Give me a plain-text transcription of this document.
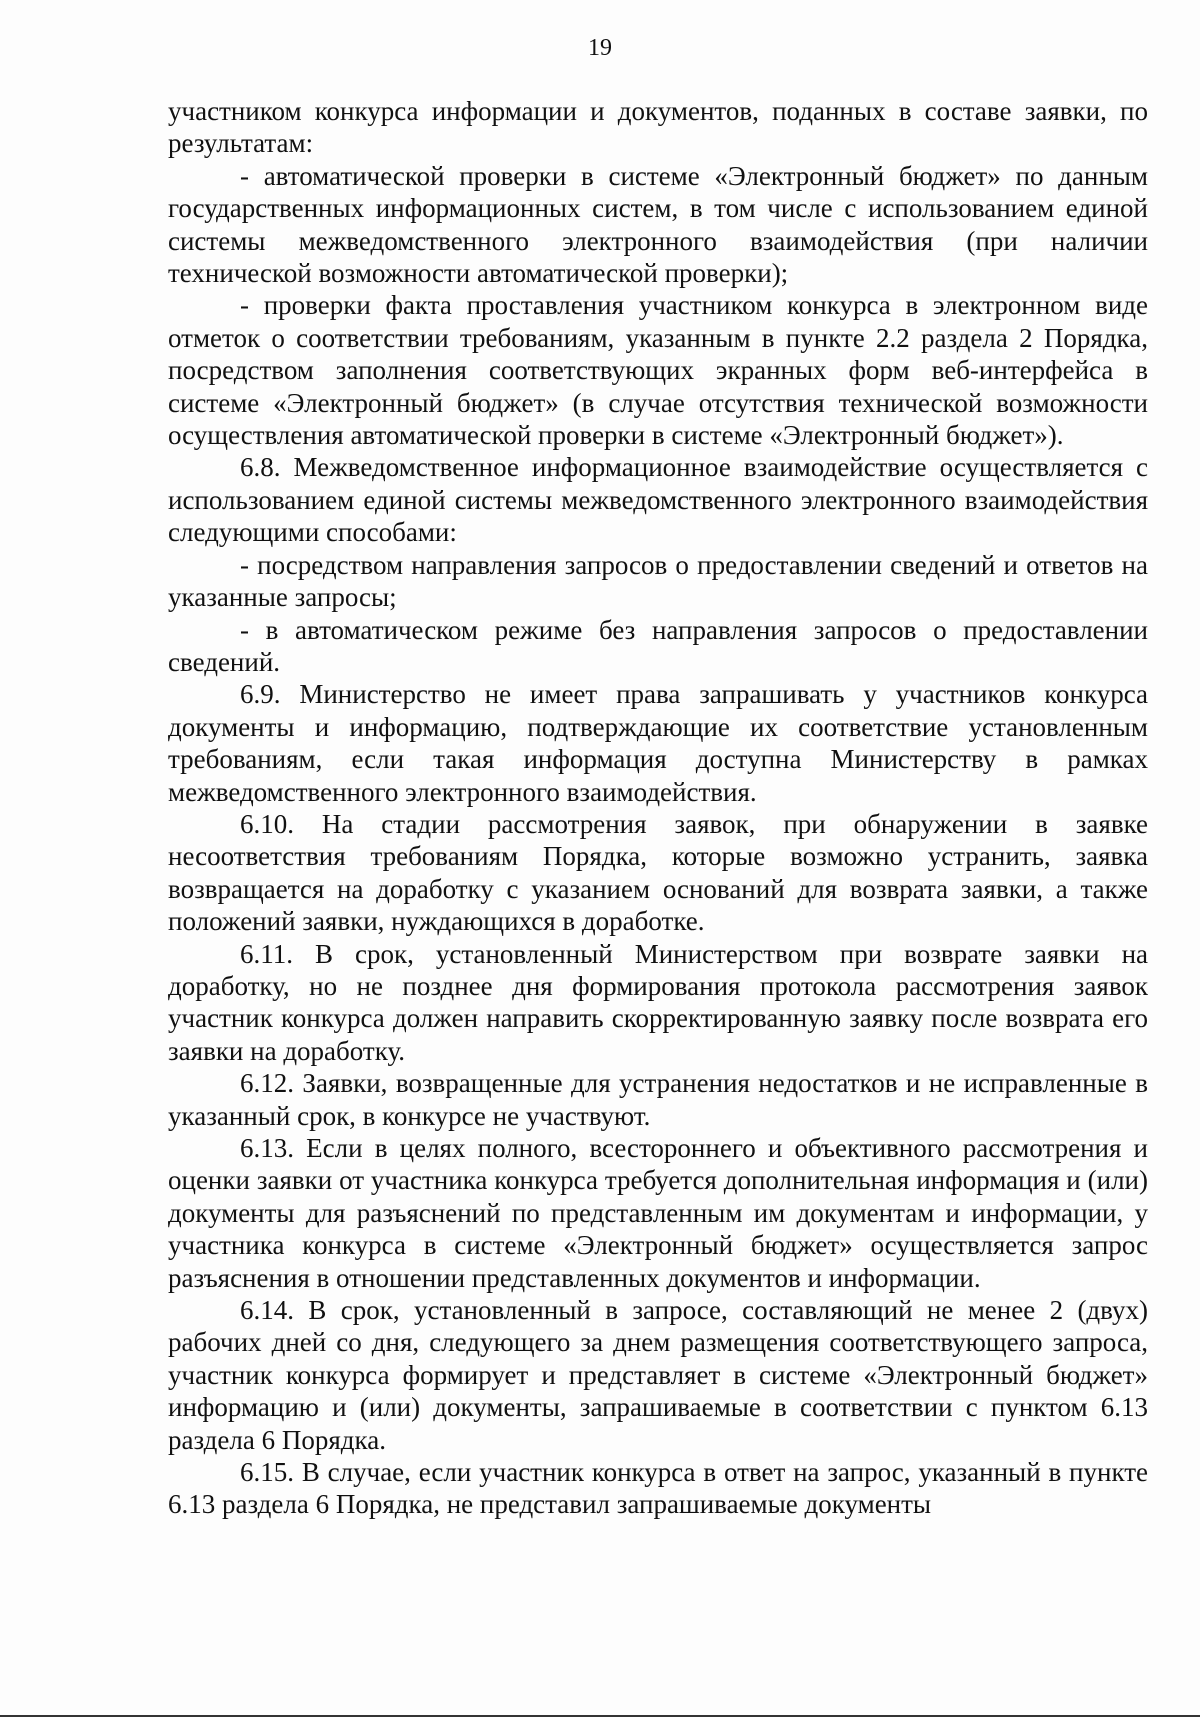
19

участником конкурса информации и документов, поданных в составе заявки, по результатам:

- автоматической проверки в системе «Электронный бюджет» по данным государственных информационных систем, в том числе с использованием единой системы межведомственного электронного взаимодействия (при наличии технической возможности автоматической проверки);

- проверки факта проставления участником конкурса в электронном виде отметок о соответствии требованиям, указанным в пункте 2.2 раздела 2 Порядка, посредством заполнения соответствующих экранных форм веб-интерфейса в системе «Электронный бюджет» (в случае отсутствия технической возможности осуществления автоматической проверки в системе «Электронный бюджет»).

6.8. Межведомственное информационное взаимодействие осуществляется с использованием единой системы межведомственного электронного взаимодействия следующими способами:

- посредством направления запросов о предоставлении сведений и ответов на указанные запросы;

- в автоматическом режиме без направления запросов о предоставлении сведений.

6.9. Министерство не имеет права запрашивать у участников конкурса документы и информацию, подтверждающие их соответствие установленным требованиям, если такая информация доступна Министерству в рамках межведомственного электронного взаимодействия.

6.10. На стадии рассмотрения заявок, при обнаружении в заявке несоответствия требованиям Порядка, которые возможно устранить, заявка возвращается на доработку с указанием оснований для возврата заявки, а также положений заявки, нуждающихся в доработке.

6.11. В срок, установленный Министерством при возврате заявки на доработку, но не позднее дня формирования протокола рассмотрения заявок участник конкурса должен направить скорректированную заявку после возврата его заявки на доработку.

6.12. Заявки, возвращенные для устранения недостатков и не исправленные в указанный срок, в конкурсе не участвуют.

6.13. Если в целях полного, всестороннего и объективного рассмотрения и оценки заявки от участника конкурса требуется дополнительная информация и (или) документы для разъяснений по представленным им документам и информации, у участника конкурса в системе «Электронный бюджет» осуществляется запрос разъяснения в отношении представленных документов и информации.

6.14. В срок, установленный в запросе, составляющий не менее 2 (двух) рабочих дней со дня, следующего за днем размещения соответствующего запроса, участник конкурса формирует и представляет в системе «Электронный бюджет» информацию и (или) документы, запрашиваемые в соответствии с пунктом 6.13 раздела 6 Порядка.

6.15. В случае, если участник конкурса в ответ на запрос, указанный в пункте 6.13 раздела 6 Порядка, не представил запрашиваемые документы
